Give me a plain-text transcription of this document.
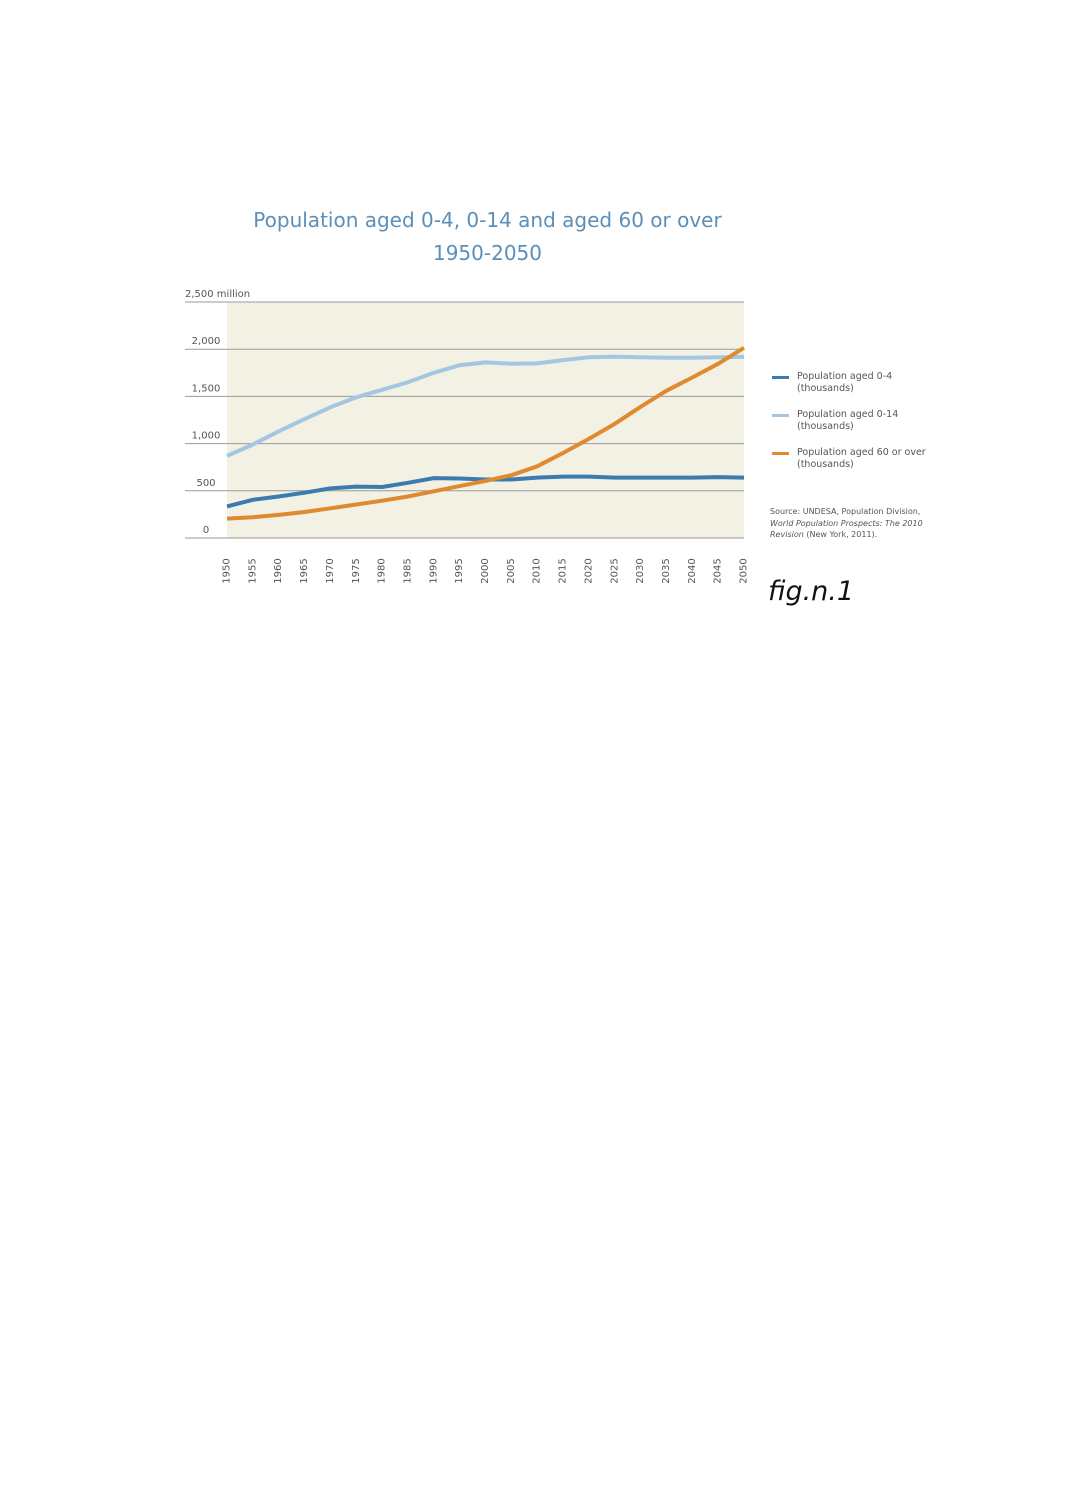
Population aged 0-4, 0-14 and aged 60 or over
1950-2050
0
500
1,000
1,500
2,000
2,500 million
1950 1955 1960 1965 1970 1975 1980 1985 1990 1995 2000 2005 2010 2015 2020 2025 2030 2035 2040 2045 2050
Population aged 0-4
(thousands)
Population aged 0-14
(thousands)
Population aged 60 or over
(thousands)
Source: UNDESA, Population Division, World Population Prospects: The 2010 Revision (New York, 2011).
fig.n.1
